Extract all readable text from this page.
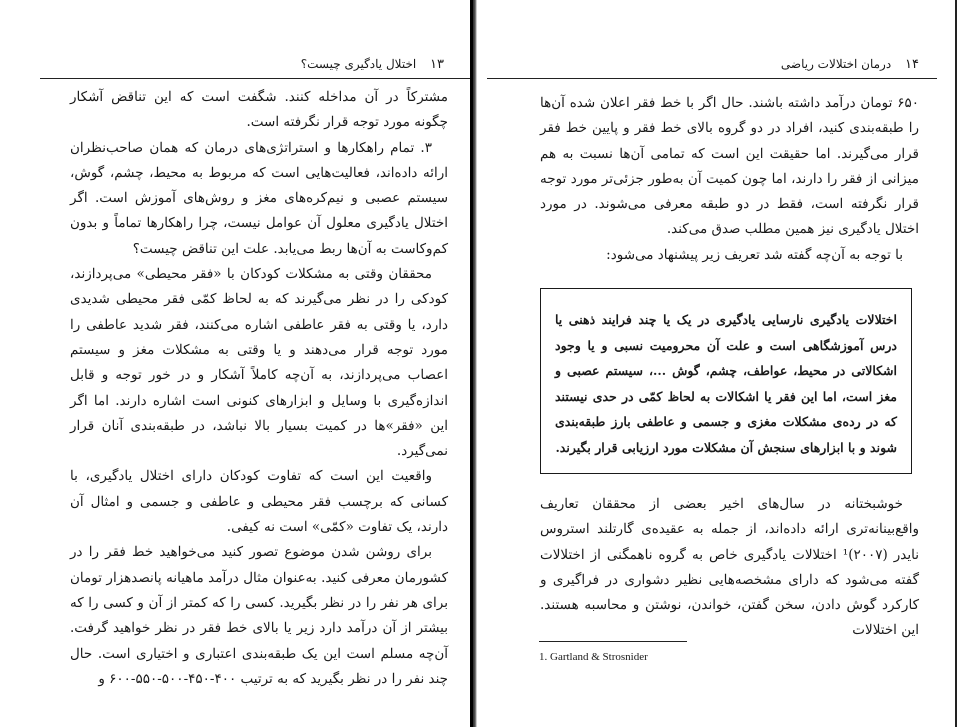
۱۳ اختلال یادگیری چیست؟

مشترکاً در آن مداخله کنند. شگفت است که این تناقض آشکار چگونه مورد توجه قرار نگرفته است.

۳. تمام راهکارها و استراتژی‌های درمان که همان صاحب‌نظران ارائه داده‌اند، فعالیت‌هایی است که مربوط به محیط، چشم، گوش، سیستم عصبی و نیم‌کره‌های مغز و روش‌های آموزش است. اگر اختلال یادگیری معلول آن عوامل نیست، چرا راهکارها تماماً و بدون کم‌وکاست به آن‌ها ربط می‌یابد. علت این تناقض چیست؟

محققان وقتی به مشکلات کودکان با «فقر محیطی» می‌پردازند، کودکی را در نظر می‌گیرند که به لحاظ کمّی فقر محیطی شدیدی دارد، یا وقتی به فقر عاطفی اشاره می‌کنند، فقر شدید عاطفی را مورد توجه قرار می‌دهند و یا وقتی به مشکلات مغز و سیستم اعصاب می‌پردازند، به آن‌چه کاملاً آشکار و در خور توجه و قابل اندازه‌گیری با وسایل و ابزارهای کنونی است اشاره دارند. اما اگر این «فقر»ها در کمیت بسیار بالا نباشد، در طبقه‌بندی آنان قرار نمی‌گیرد.

واقعیت این است که تفاوت کودکان دارای اختلال یادگیری، با کسانی که برچسب فقر محیطی و عاطفی و جسمی و امثال آن دارند، یک تفاوت «کمّی» است نه کیفی.

برای روشن شدن موضوع تصور کنید می‌خواهید خط فقر را در کشورمان معرفی کنید. به‌عنوان مثال درآمد ماهیانه پانصدهزار تومان برای هر نفر را در نظر بگیرید. کسی را که کمتر از آن و کسی را که بیشتر از آن درآمد دارد زیر یا بالای خط فقر در نظر خواهید گرفت. آن‌چه مسلم است این یک طبقه‌بندی اعتباری و اختیاری است. حال چند نفر را در نظر بگیرید که به ترتیب ۴۰۰-۴۵۰-۵۰۰-۵۵۰-۶۰۰ و

۱۴ درمان اختلالات ریاضی

۶۵۰ تومان درآمد داشته باشند. حال اگر با خط فقر اعلان شده آن‌ها را طبقه‌بندی کنید، افراد در دو گروه بالای خط فقر و پایین خط فقر قرار می‌گیرند. اما حقیقت این است که تمامی آن‌ها نسبت به هم میزانی از فقر را دارند، اما چون کمیت آن به‌طور جزئی‌تر مورد توجه قرار نگرفته است، فقط در دو طبقه معرفی می‌شوند. در مورد اختلال یادگیری نیز همین مطلب صدق می‌کند.

با توجه به آن‌چه گفته شد تعریف زیر پیشنهاد می‌شود:

اختلالات یادگیری نارسایی یادگیری در یک یا چند فرایند ذهنی یا درس آموزشگاهی است و علت آن محرومیت نسبی و یا وجود اشکالاتی در محیط، عواطف، چشم، گوش ...، سیستم عصبی و مغز است، اما این فقر یا اشکالات به لحاظ کمّی در حدی نیستند که در رده‌ی مشکلات مغزی و جسمی و عاطفی بارز طبقه‌بندی شوند و با ابزارهای سنجش آن مشکلات مورد ارزیابی قرار بگیرند.

خوشبختانه در سال‌های اخیر بعضی از محققان تعاریف واقع‌بینانه‌تری ارائه داده‌اند، از جمله به عقیده‌ی گارتلند استروس نایدر (۲۰۰۷)¹ اختلالات یادگیری خاص به گروه ناهمگنی از اختلالات گفته می‌شود که دارای مشخصه‌هایی نظیر دشواری در فراگیری و کارکرد گوش دادن، سخن گفتن، خواندن، نوشتن و محاسبه هستند. این اختلالات

1. Gartland & Strosnider
